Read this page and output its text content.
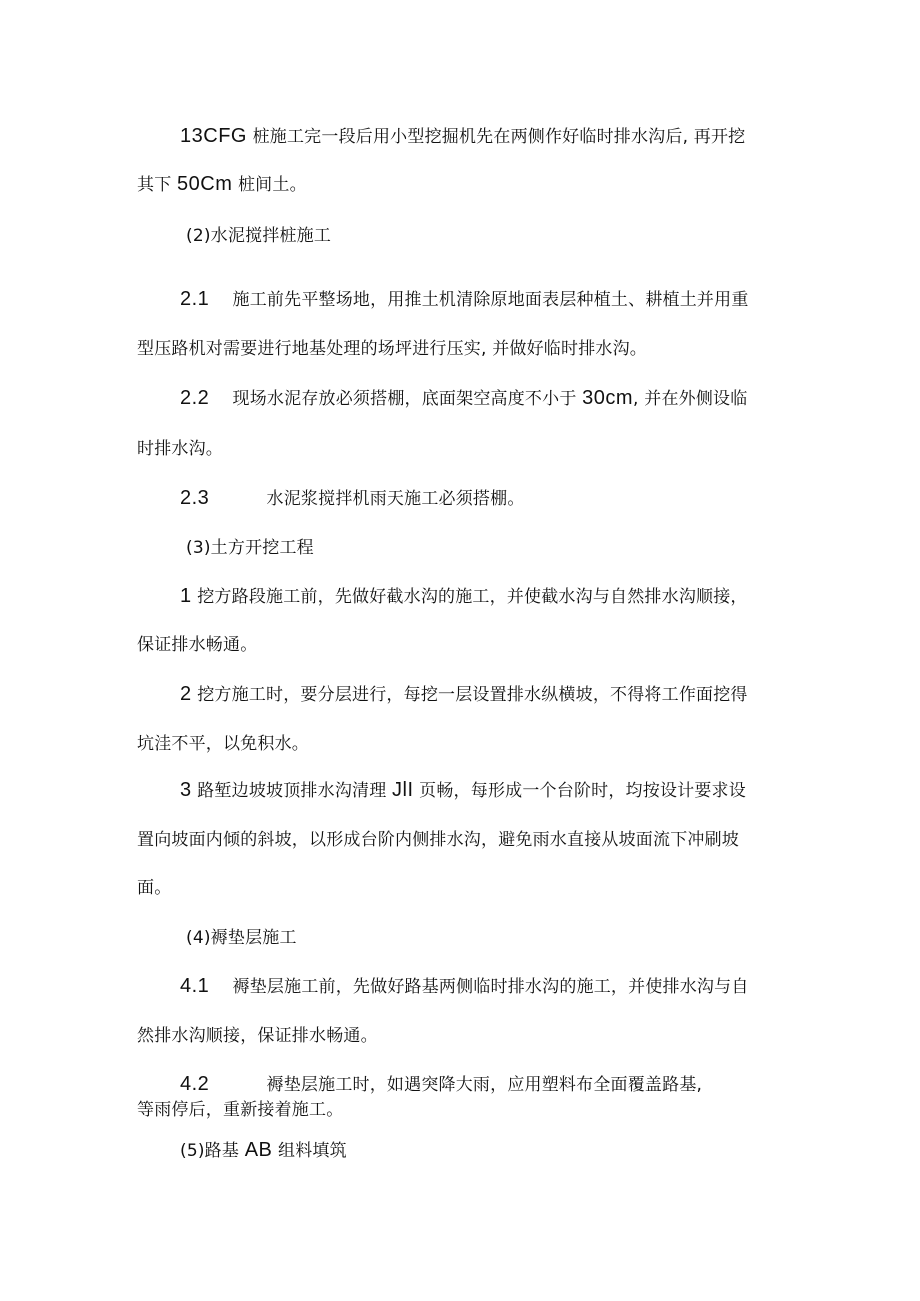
13CFG 桩施工完一段后用小型挖掘机先在两侧作好临时排水沟后, 再开挖
其下 50Cm 桩间土。
(2)水泥搅拌桩施工
2.1 施工前先平整场地，用推土机清除原地面表层种植土、耕植土并用重
型压路机对需要进行地基处理的场坪进行压实, 并做好临时排水沟。
2.2 现场水泥存放必须搭棚，底面架空高度不小于 30cm, 并在外侧设临
时排水沟。
2.3	水泥浆搅拌机雨天施工必须搭棚。
(3)土方开挖工程
1 挖方路段施工前，先做好截水沟的施工，并使截水沟与自然排水沟顺接，
保证排水畅通。
2 挖方施工时，要分层进行，每挖一层设置排水纵横坡，不得将工作面挖得
坑洼不平，以免积水。
3 路堑边坡坡顶排水沟清理 JlI 页畅，每形成一个台阶时，均按设计要求设
置向坡面内倾的斜坡，以形成台阶内侧排水沟，避免雨水直接从坡面流下冲刷坡
面。
(4)褥垫层施工
4.1 褥垫层施工前，先做好路基两侧临时排水沟的施工，并使排水沟与自
然排水沟顺接，保证排水畅通。
4.2	褥垫层施工时，如遇突降大雨，应用塑料布全面覆盖路基,
等雨停后，重新接着施工。
(5)路基 AB 组料填筑
